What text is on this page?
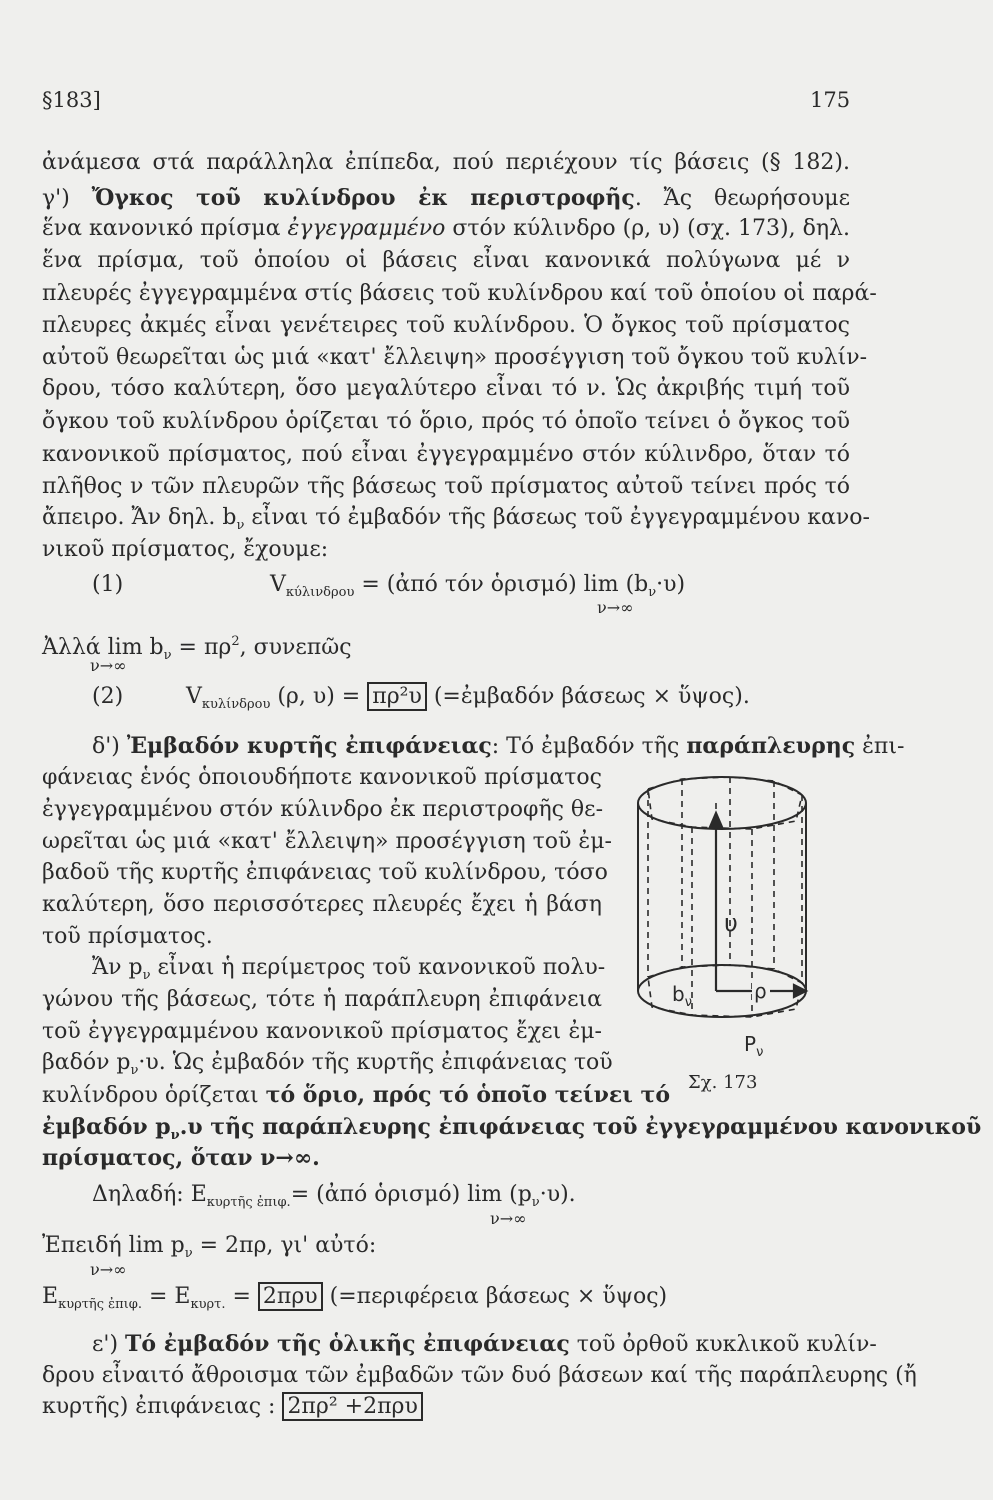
§183]	175
ἀνάμεσα στά παράλληλα ἐπίπεδα, πού περιέχουν τίς βάσεις (§ 182).
γ') Ὄγκος τοῦ κυλίνδρου ἐκ περιστροφῆς. Ἄς θεωρήσουμε
ἕνα κανονικό πρίσμα ἐγγεγραμμένο στόν κύλινδρο (ρ, υ) (σχ. 173), δηλ.
ἕνα πρίσμα, τοῦ ὁποίου οἱ βάσεις εἶναι κανονικά πολύγωνα μέ ν
πλευρές ἐγγεγραμμένα στίς βάσεις τοῦ κυλίνδρου καί τοῦ ὁποίου οἱ παρά-
πλευρες ἀκμές εἶναι γενέτειρες τοῦ κυλίνδρου. Ὁ ὄγκος τοῦ πρίσματος
αὐτοῦ θεωρεῖται ὡς μιά «κατ' ἔλλειψη» προσέγγιση τοῦ ὄγκου τοῦ κυλίν-
δρου, τόσο καλύτερη, ὅσο μεγαλύτερο εἶναι τό ν. Ὡς ἀκριβής τιμή τοῦ
ὄγκου τοῦ κυλίνδρου ὁρίζεται τό ὅριο, πρός τό ὁποῖο τείνει ὁ ὄγκος τοῦ
κανονικοῦ πρίσματος, πού εἶναι ἐγγεγραμμένο στόν κύλινδρο, ὅταν τό
πλῆθος ν τῶν πλευρῶν τῆς βάσεως τοῦ πρίσματος αὐτοῦ τείνει πρός τό
ἄπειρο. Ἄν δηλ. $b_\nu$ εἶναι τό ἐμβαδόν τῆς βάσεως τοῦ ἐγγεγραμμένου κανο-
νικοῦ πρίσματος, ἔχουμε:
(1)	$V_{\kappa ύ\lambda\iota\nu\delta\rho o\upsilon}$ = (ἀπό τόν ὁρισμό) $\lim (b_\nu\cdot\upsilon)$
ν→∞
Ἀλλά $\lim b_\nu = \pi\rho^2$, συνεπῶς
ν→∞
(2)	$V_{\kappa\upsilon\lambda ί\nu\delta\rho o\upsilon}$ (ρ, υ) = πρ²υ (=ἐμβαδόν βάσεως × ὕψος).
δ') Ἐμβαδόν κυρτῆς ἐπιφάνειας: Τό ἐμβαδόν τῆς παράπλευρης ἐπι-
φάνειας ἑνός ὁποιουδήποτε κανονικοῦ πρίσματος
ἐγγεγραμμένου στόν κύλινδρο ἐκ περιστροφῆς θε-
ωρεῖται ὡς μιά «κατ' ἔλλειψη» προσέγγιση τοῦ ἐμ-
βαδοῦ τῆς κυρτῆς ἐπιφάνειας τοῦ κυλίνδρου, τόσο
καλύτερη, ὅσο περισσότερες πλευρές ἔχει ἡ βάση
τοῦ πρίσματος.
Ἄν $p_\nu$ εἶναι ἡ περίμετρος τοῦ κανονικοῦ πολυ-
γώνου τῆς βάσεως, τότε ἡ παράπλευρη ἐπιφάνεια
τοῦ ἐγγεγραμμένου κανονικοῦ πρίσματος ἔχει ἐμ-
βαδόν $p_\nu\cdot\upsilon$. Ὡς ἐμβαδόν τῆς κυρτῆς ἐπιφάνειας τοῦ
κυλίνδρου ὁρίζεται τό ὅριο, πρός τό ὁποῖο τείνει τό
ἐμβαδόν $p_\nu.\upsilon$ τῆς παράπλευρης ἐπιφάνειας τοῦ ἐγγεγραμμένου κανονικοῦ
πρίσματος, ὅταν ν→∞.
Δηλαδή: $E_{\kappa\upsilon\rho\tau ῆ\varsigma ἐ\pi\iota\varphi.}=$ (ἀπό ὁρισμό) $\lim (p_\nu\cdot\upsilon)$.
ν→∞
Ἐπειδή $\lim p_\nu = 2\pi\rho$, γι' αὐτό:
ν→∞
$E_{\kappa\upsilon\rho\tau ῆ\varsigma ἐ\pi\iota\varphi.} = E_{\kappa\upsilon\rho\tau.} = 2\pi\rho\upsilon$ (=περιφέρεια βάσεως × ὕψος)
ε') Τό ἐμβαδόν τῆς ὁλικῆς ἐπιφάνειας τοῦ ὀρθοῦ κυκλικοῦ κυλίν-
δρου εἶναιτό ἄθροισμα τῶν ἐμβαδῶν τῶν δυό βάσεων καί τῆς παράπλευρης (ἤ
κυρτῆς) ἐπιφάνειας : 2πρ² +2πρυ
υ
ρ
$b_\nu$
$P_\nu$
Σχ. 173
